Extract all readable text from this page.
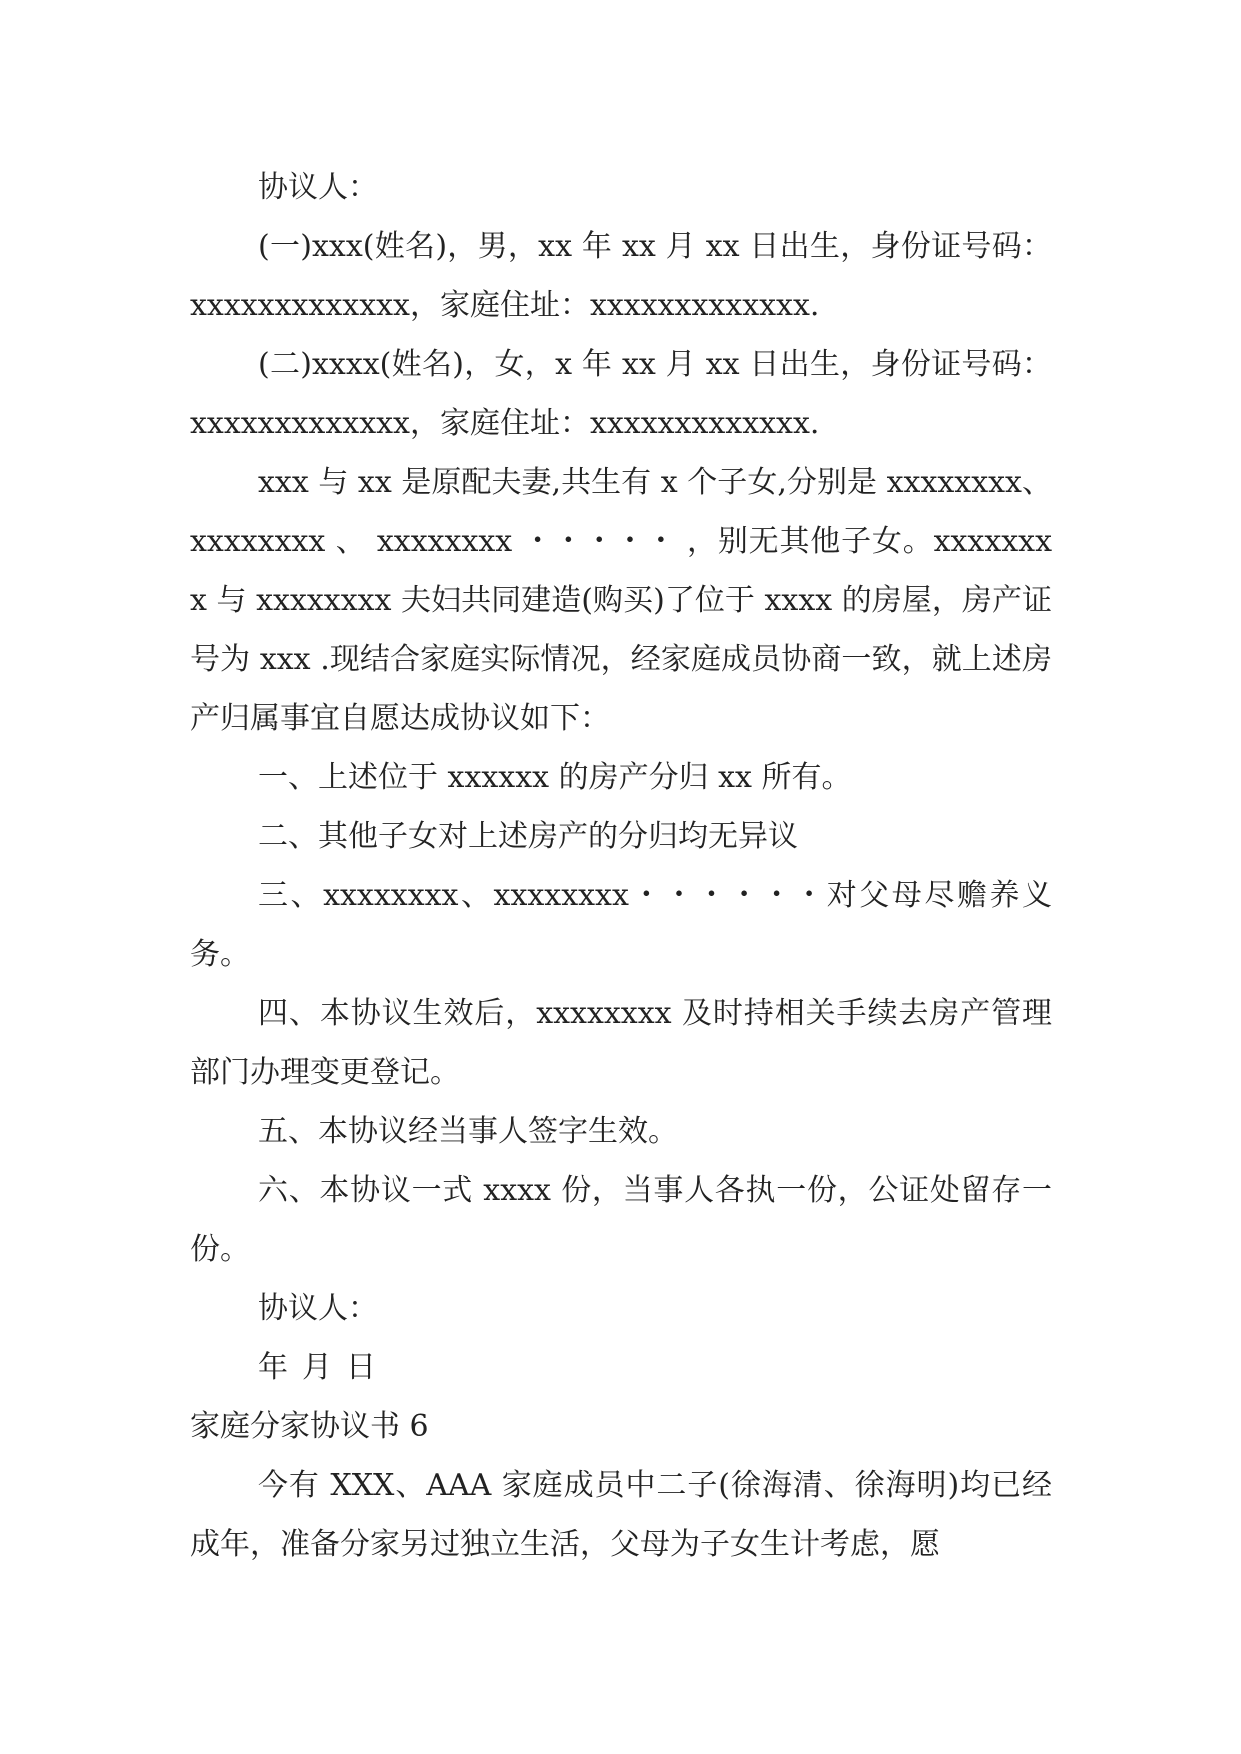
协议人：

(一)xxx(姓名)，男，xx 年 xx 月 xx 日出生，身份证号码：xxxxxxxxxxxxx，家庭住址：xxxxxxxxxxxxx.

(二)xxxx(姓名)，女，x 年 xx 月 xx 日出生，身份证号码：xxxxxxxxxxxxx，家庭住址：xxxxxxxxxxxxx.

xxx 与 xx 是原配夫妻,共生有 x 个子女,分别是 xxxxxxxx、xxxxxxxx 、 xxxxxxxx ・・・・・ ，别无其他子女。xxxxxxxx 与 xxxxxxxx 夫妇共同建造(购买)了位于 xxxx 的房屋，房产证号为 xxx .现结合家庭实际情况，经家庭成员协商一致，就上述房产归属事宜自愿达成协议如下：

一、上述位于 xxxxxx 的房产分归 xx 所有。

二、其他子女对上述房产的分归均无异议

三、xxxxxxxx、xxxxxxxx・・・・・・对父母尽赡养义务。

四、本协议生效后，xxxxxxxx 及时持相关手续去房产管理部门办理变更登记。

五、本协议经当事人签字生效。

六、本协议一式 xxxx 份，当事人各执一份，公证处留存一份。

协议人：

年 月 日

家庭分家协议书 6

今有 XXX、AAA 家庭成员中二子(徐海清、徐海明)均已经成年，准备分家另过独立生活，父母为子女生计考虑，愿
